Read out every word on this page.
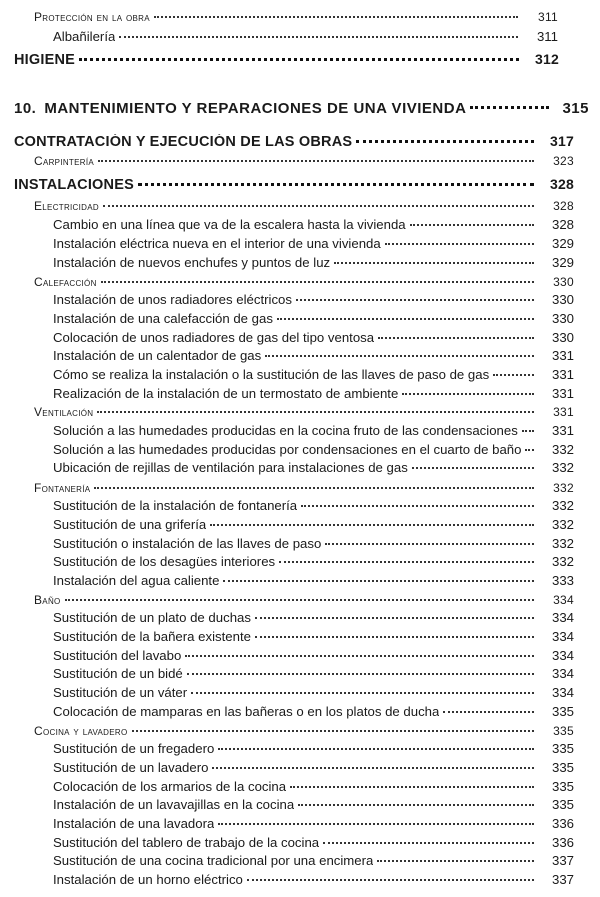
Protección en la obra	311
Albañilería	311
HIGIENE	312
10. MANTENIMIENTO Y REPARACIONES DE UNA VIVIENDA	315
CONTRATACIÓN Y EJECUCIÓN DE LAS OBRAS	317
Carpintería	323
INSTALACIONES	328
Electricidad	328
Cambio en una línea que va de la escalera hasta la vivienda	328
Instalación eléctrica nueva en el interior de una vivienda	329
Instalación de nuevos enchufes y puntos de luz	329
Calefacción	330
Instalación de unos radiadores eléctricos	330
Instalación de una calefacción de gas	330
Colocación de unos radiadores de gas del tipo ventosa	330
Instalación de un calentador de gas	331
Cómo se realiza la instalación o la sustitución de las llaves de paso de gas	331
Realización de la instalación de un termostato de ambiente	331
Ventilación	331
Solución a las humedades producidas en la cocina fruto de las condensaciones	331
Solución a las humedades producidas por condensaciones en el cuarto de baño	332
Ubicación de rejillas de ventilación para instalaciones de gas	332
Fontanería	332
Sustitución de la instalación de fontanería	332
Sustitución de una grifería	332
Sustitución o instalación de las llaves de paso	332
Sustitución de los desagües interiores	332
Instalación del agua caliente	333
Baño	334
Sustitución de un plato de duchas	334
Sustitución de la bañera existente	334
Sustitución del lavabo	334
Sustitución de un bidé	334
Sustitución de un váter	334
Colocación de mamparas en las bañeras o en los platos de ducha	335
Cocina y lavadero	335
Sustitución de un fregadero	335
Sustitución de un lavadero	335
Colocación de los armarios de la cocina	335
Instalación de un lavavajillas en la cocina	335
Instalación de una lavadora	336
Sustitución del tablero de trabajo de la cocina	336
Sustitución de una cocina tradicional por una encimera	337
Instalación de un horno eléctrico	337
